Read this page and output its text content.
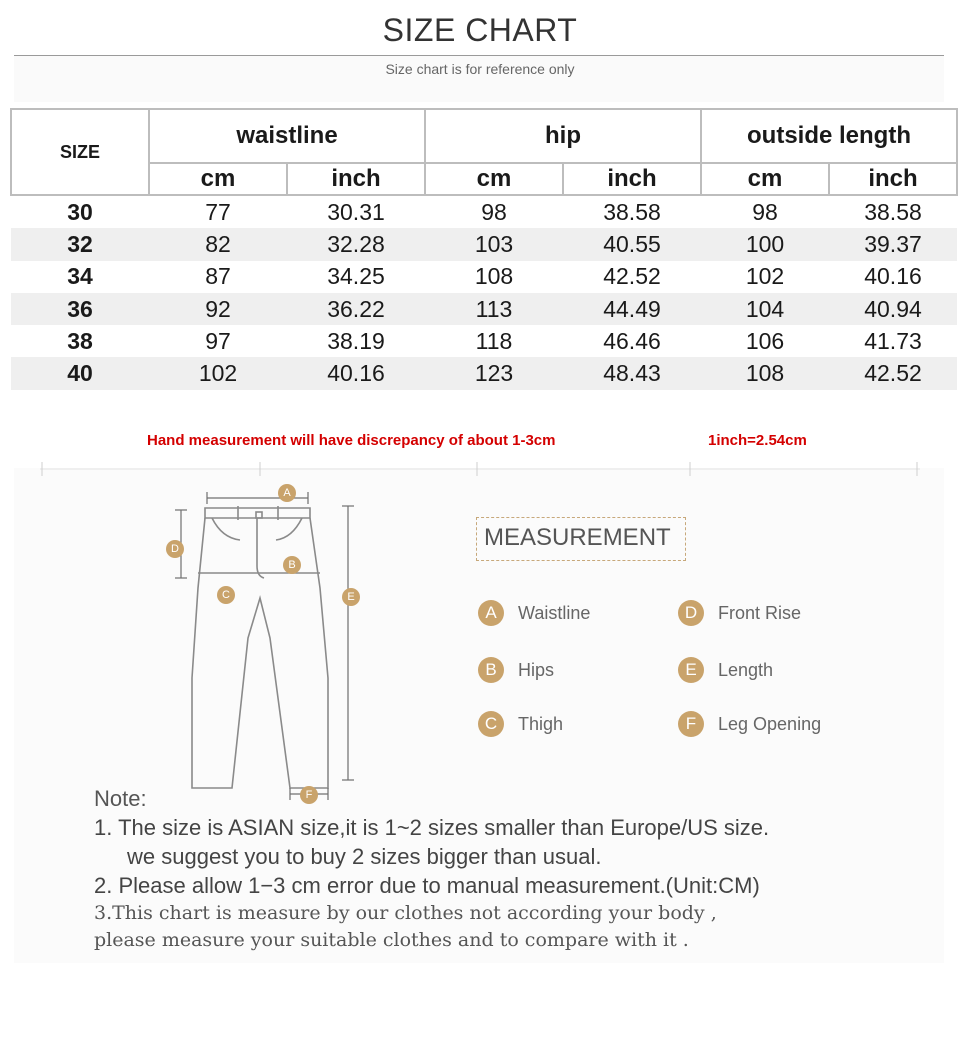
SIZE CHART
Size chart is for reference only
SIZE	waistline		hip		outside length	
	cm	inch	cm	inch	cm	inch
30	77	30.31	98	38.58	98	38.58
32	82	32.28	103	40.55	100	39.37
34	87	34.25	108	42.52	102	40.16
36	92	36.22	113	44.49	104	40.94
38	97	38.19	118	46.46	106	41.73
40	102	40.16	123	48.43	108	42.52
Hand measurement will have discrepancy of about 1-3cm	1inch=2.54cm
A
B
C
D
E
F
MEASUREMENT
A	Waistline
B	Hips
C	Thigh
D	Front Rise
E	Length
F	Leg Opening
Note:
1. The size is ASIAN size,it is 1~2 sizes smaller than Europe/US size.
we suggest you to buy 2 sizes bigger than usual.
2. Please allow 1−3 cm error due to manual measurement.(Unit:CM)
3.This chart is measure by our clothes not according your body ,
please measure your suitable clothes and to compare with it .
